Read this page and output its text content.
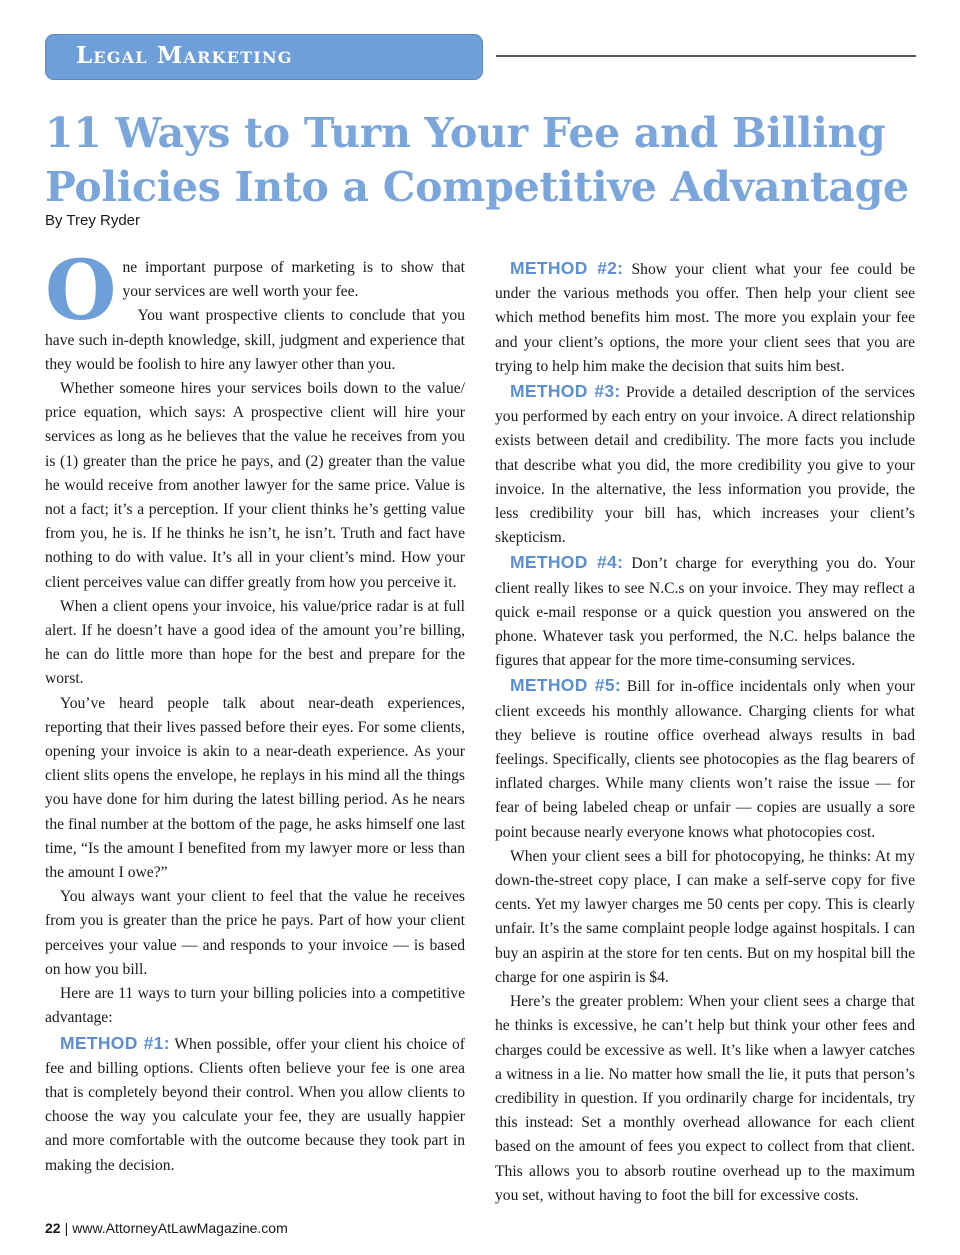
Legal Marketing
11 Ways to Turn Your Fee and Billing
Policies Into a Competitive Advantage
By Trey Ryder

One important purpose of marketing is to show that your services are well worth your fee.

You want prospective clients to conclude that you have such in-depth knowledge, skill, judgment and experience that they would be foolish to hire any lawyer other than you.

Whether someone hires your services boils down to the value/ price equation, which says: A prospective client will hire your services as long as he believes that the value he receives from you is (1) greater than the price he pays, and (2) greater than the value he would receive from another lawyer for the same price. Value is not a fact; it’s a perception. If your client thinks he’s getting value from you, he is. If he thinks he isn’t, he isn’t. Truth and fact have nothing to do with value. It’s all in your client’s mind. How your client perceives value can differ greatly from how you perceive it.

When a client opens your invoice, his value/price radar is at full alert. If he doesn’t have a good idea of the amount you’re billing, he can do little more than hope for the best and prepare for the worst.

You’ve heard people talk about near-death experiences, reporting that their lives passed before their eyes. For some clients, opening your invoice is akin to a near-death experience. As your client slits opens the envelope, he replays in his mind all the things you have done for him during the latest billing period. As he nears the final number at the bottom of the page, he asks himself one last time, “Is the amount I benefited from my lawyer more or less than the amount I owe?”

You always want your client to feel that the value he receives from you is greater than the price he pays. Part of how your client perceives your value — and responds to your invoice — is based on how you bill.

Here are 11 ways to turn your billing policies into a competitive advantage:

METHOD #1: When possible, offer your client his choice of fee and billing options. Clients often believe your fee is one area that is completely beyond their control. When you allow clients to choose the way you calculate your fee, they are usually happier and more comfortable with the outcome because they took part in making the decision.

METHOD #2: Show your client what your fee could be under the various methods you offer. Then help your client see which method benefits him most. The more you explain your fee and your client’s options, the more your client sees that you are trying to help him make the decision that suits him best.

METHOD #3: Provide a detailed description of the services you performed by each entry on your invoice. A direct relationship exists between detail and credibility. The more facts you include that describe what you did, the more credibility you give to your invoice. In the alternative, the less information you provide, the less credibility your bill has, which increases your client’s skepticism.

METHOD #4: Don’t charge for everything you do. Your client really likes to see N.C.s on your invoice. They may reflect a quick e-mail response or a quick question you answered on the phone. Whatever task you performed, the N.C. helps balance the figures that appear for the more time-consuming services.

METHOD #5: Bill for in-office incidentals only when your client exceeds his monthly allowance. Charging clients for what they believe is routine office overhead always results in bad feelings. Specifically, clients see photocopies as the flag bearers of inflated charges. While many clients won’t raise the issue — for fear of being labeled cheap or unfair — copies are usually a sore point because nearly everyone knows what photocopies cost.

When your client sees a bill for photocopying, he thinks: At my down-the-street copy place, I can make a self-serve copy for five cents. Yet my lawyer charges me 50 cents per copy. This is clearly unfair. It’s the same complaint people lodge against hospitals. I can buy an aspirin at the store for ten cents. But on my hospital bill the charge for one aspirin is $4.

Here’s the greater problem: When your client sees a charge that he thinks is excessive, he can’t help but think your other fees and charges could be excessive as well. It’s like when a lawyer catches a witness in a lie. No matter how small the lie, it puts that person’s credibility in question. If you ordinarily charge for incidentals, try this instead: Set a monthly overhead allowance for each client based on the amount of fees you expect to collect from that client. This allows you to absorb routine overhead up to the maximum you set, without having to foot the bill for excessive costs.

22 | www.AttorneyAtLawMagazine.com
